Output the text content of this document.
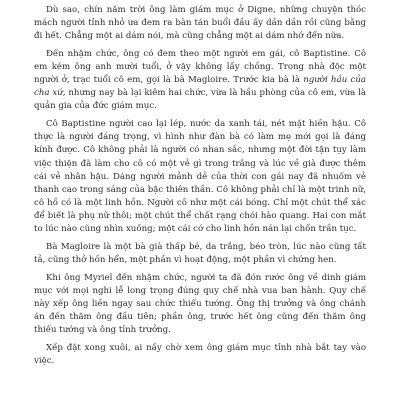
Dù sao, chín năm trời ông làm giám mục ở Digne, những chuyện thóc mách người tỉnh nhỏ ưa đem ra bàn tán buổi đầu ấy dần dần rồi cũng bằng đi hết. Chẳng một ai dám nói, mà cũng chẳng một ai dám nhớ đến nữa.

Đến nhậm chức, ông có đem theo một người em gái, cô Baptistine. Cô em kém ông anh mười tuổi, ở vậy không lấy chồng. Trong nhà độc một người ở, trạc tuổi cô em, gọi là bà Magloire. Trước kia bà là người hầu của cha xứ, nhưng nay bà lại kiêm hai chức, vừa là hầu phòng của cô em, vừa là quản gia của đức giám mục.

Cô Baptistine người cao lại lép, nước da xanh tái, nét mặt hiền hậu. Cô thực là người đáng trọng, vì hình như đàn bà có làm mẹ mới gọi là đáng kính được. Cô không phải là người có nhan sắc, nhưng một đời tận tụy làm việc thiện đã làm cho cô có một vẻ gì trong trắng và lúc về già được thêm cái vẻ nhân hậu. Dáng người mảnh dẻ của thời con gái nay đã nhuốm vẻ thanh cao trong sáng của bậc thiên thần. Cô không phải chỉ là một trinh nữ, cô hồ có là một linh hồn. Người cô như một cái bóng. Chỉ một chút thể xác để biết là phụ nữ thôi; một chút thể chất rạng chói hào quang. Hai con mắt to lúc nào cũng nhìn xuống; một cái cớ cho linh hồn nán lại chốn trần tục.

Bà Magloire là một bà già thấp bé, da trắng, béo tròn, lúc nào cũng tất tả, cũng thở hồn hển, một phần vì hoạt động, một phần vì chứng hen.

Khi ông Myriel đến nhậm chức, người ta đã đón rước ông về dinh giám mục với mọi nghi lễ long trọng đúng quy chế nhà vua ban hành. Quy chế này xếp ông liền ngay sau chức thiếu tướng. Ông thị trưởng và ông chánh án đến thăm ông đầu tiên; phần ông, trước hết ông cũng đến thăm ông thiếu tướng và ông tỉnh trưởng.

Xếp đặt xong xuôi, ai nấy chờ xem ông giám mục tỉnh nhà bắt tay vào việc.
